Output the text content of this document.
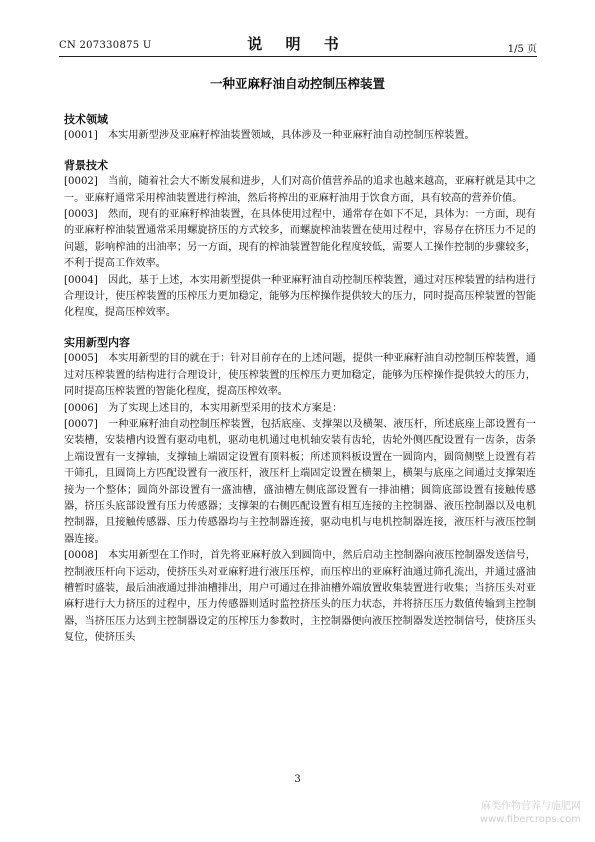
CN 207330875 U	说 明 书	1/5 页
一种亚麻籽油自动控制压榨装置

技术领域

[0001] 本实用新型涉及亚麻籽榨油装置领域，具体涉及一种亚麻籽油自动控制压榨装置。

背景技术

[0002] 当前，随着社会大不断发展和进步，人们对高价值营养品的追求也越来越高，亚麻籽就是其中之一。亚麻籽通常采用榨油装置进行榨油，然后将榨出的亚麻籽油用于饮食方面，具有较高的营养价值。

[0003] 然而，现有的亚麻籽榨油装置，在具体使用过程中，通常存在如下不足，具体为：一方面，现有的亚麻籽榨油装置通常采用螺旋挤压的方式较多，而螺旋榨油装置在使用过程中，容易存在挤压力不足的问题，影响榨油的出油率；另一方面，现有的榨油装置智能化程度较低，需要人工操作控制的步骤较多，不利于提高工作效率。

[0004] 因此，基于上述，本实用新型提供一种亚麻籽油自动控制压榨装置，通过对压榨装置的结构进行合理设计，使压榨装置的压榨压力更加稳定，能够为压榨操作提供较大的压力，同时提高压榨装置的智能化程度，提高压榨效率。

实用新型内容

[0005] 本实用新型的目的就在于：针对目前存在的上述问题，提供一种亚麻籽油自动控制压榨装置，通过对压榨装置的结构进行合理设计，使压榨装置的压榨压力更加稳定，能够为压榨操作提供较大的压力，同时提高压榨装置的智能化程度，提高压榨效率。

[0006] 为了实现上述目的，本实用新型采用的技术方案是：

[0007] 一种亚麻籽油自动控制压榨装置，包括底座、支撑架以及横架、液压杆，所述底座上部设置有一安装槽，安装槽内设置有驱动电机，驱动电机通过电机轴安装有齿轮，齿轮外侧匹配设置有一齿条，齿条上端设置有一支撑轴，支撑轴上端固定设置有顶料板；所述顶料板设置在一圆筒内，圆筒侧壁上设置有若干筛孔，且圆筒上方匹配设置有一液压杆，液压杆上端固定设置在横架上，横架与底座之间通过支撑架连接为一个整体；圆筒外部设置有一盛油槽，盛油槽左侧底部设置有一排油槽；圆筒底部设置有接触传感器，挤压头底部设置有压力传感器；支撑架的右侧匹配设置有相互连接的主控制器、液压控制器以及电机控制器，且接触传感器、压力传感器均与主控制器连接，驱动电机与电机控制器连接，液压杆与液压控制器连接。

[0008] 本实用新型在工作时，首先将亚麻籽放入到圆筒中，然后启动主控制器向液压控制器发送信号，控制液压杆向下运动，使挤压头对亚麻籽进行液压压榨，而压榨出的亚麻籽油通过筛孔流出，并通过盛油槽暂时盛装，最后油液通过排油槽排出，用户可通过在排油槽外端放置收集装置进行收集；当挤压头对亚麻籽进行大力挤压的过程中，压力传感器则适时监控挤压头的压力状态，并将挤压压力数值传输到主控制器，当挤压压力达到主控制器设定的压榨压力参数时，主控制器便向液压控制器发送控制信号，使挤压头复位，使挤压头

3
麻类作物营养与施肥网
www.fibercrops.com
